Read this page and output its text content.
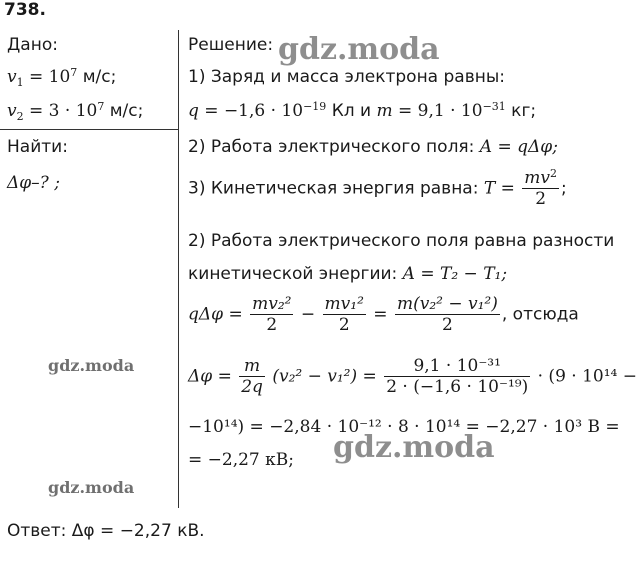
738.
Дано:
$v_1 = 10^7$ м/с;
$v_2 = 3 \cdot 10^7$ м/с;
Найти:
Δφ–? ;
Решение:
1) Заряд и масса электрона равны:
$q = -1,6 \cdot 10^{-19}$ Кл и $m = 9,1 \cdot 10^{-31}$ кг;
2) Работа электрического поля: A = qΔφ;
3) Кинетическая энергия равна: $T = \frac{mv^2}{2}$ ;
2) Работа электрического поля равна разности
кинетической энергии: A = T₂ − T₁;
$q\Delta\varphi = \frac{\text{mv₂²}}{2} - \frac{\text{mv₁²}}{2} = \frac{\text{m(v₂² − v₁²)}}{2}$ , отсюда
$\Delta\varphi = \frac{m}{2q} (v_2^2 - v_1^2) = \frac{\text{9,1 · 10⁻³¹}}{\text{2 · (−1,6 · 10⁻¹⁹)}} \cdot (9 \cdot 10^{14}$ −
−10¹⁴) = −2,84 · 10⁻¹² · 8 · 10¹⁴ = −2,27 · 10³ В =
= −2,27 кВ;
Ответ: Δφ = −2,27 кВ.
gdz.moda
gdz.moda
gdz.moda
gdz.moda
